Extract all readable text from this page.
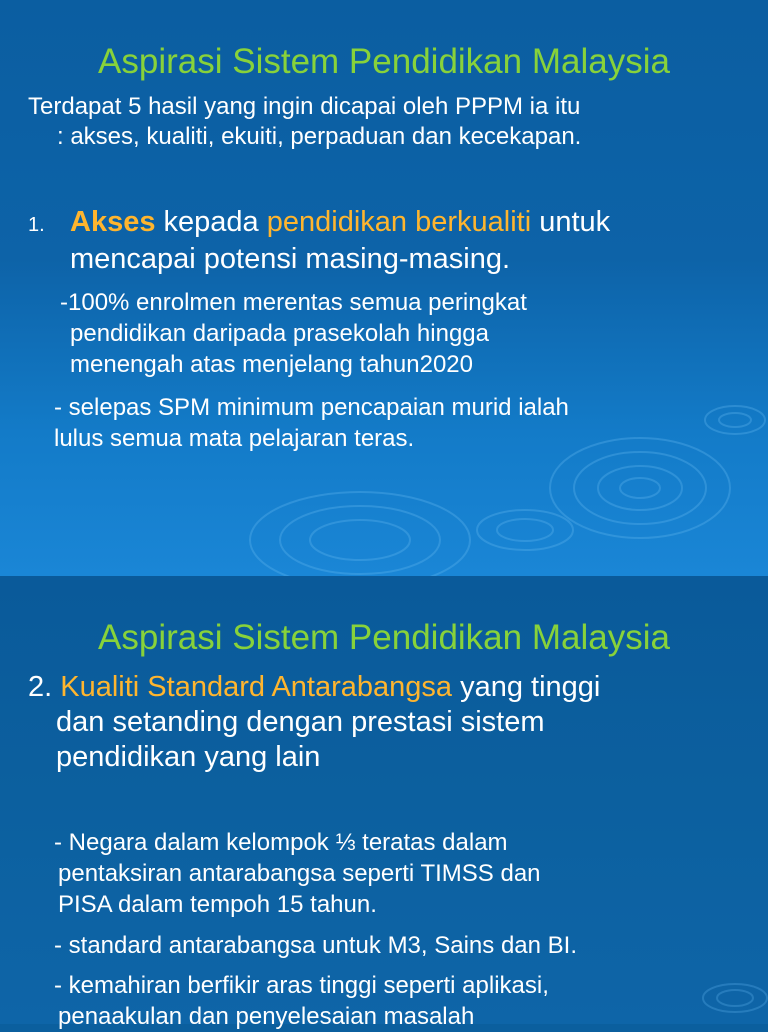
Aspirasi Sistem Pendidikan Malaysia
Terdapat 5 hasil yang ingin dicapai oleh PPPM ia itu
: akses, kualiti, ekuiti, perpaduan dan kecekapan.
1. Akses kepada pendidikan berkualiti untuk
mencapai potensi masing-masing.
-100% enrolmen merentas semua peringkat
pendidikan daripada prasekolah hingga
menengah atas menjelang tahun2020
- selepas SPM minimum pencapaian murid ialah
lulus semua mata pelajaran teras.
Aspirasi Sistem Pendidikan Malaysia
2. Kualiti Standard Antarabangsa yang tinggi
dan setanding dengan prestasi sistem
pendidikan yang lain
- Negara dalam kelompok ⅓ teratas dalam
pentaksiran antarabangsa seperti TIMSS dan
PISA dalam tempoh 15 tahun.
- standard antarabangsa untuk M3, Sains dan BI.
- kemahiran berfikir aras tinggi seperti aplikasi,
penaakulan dan penyelesaian masalah
